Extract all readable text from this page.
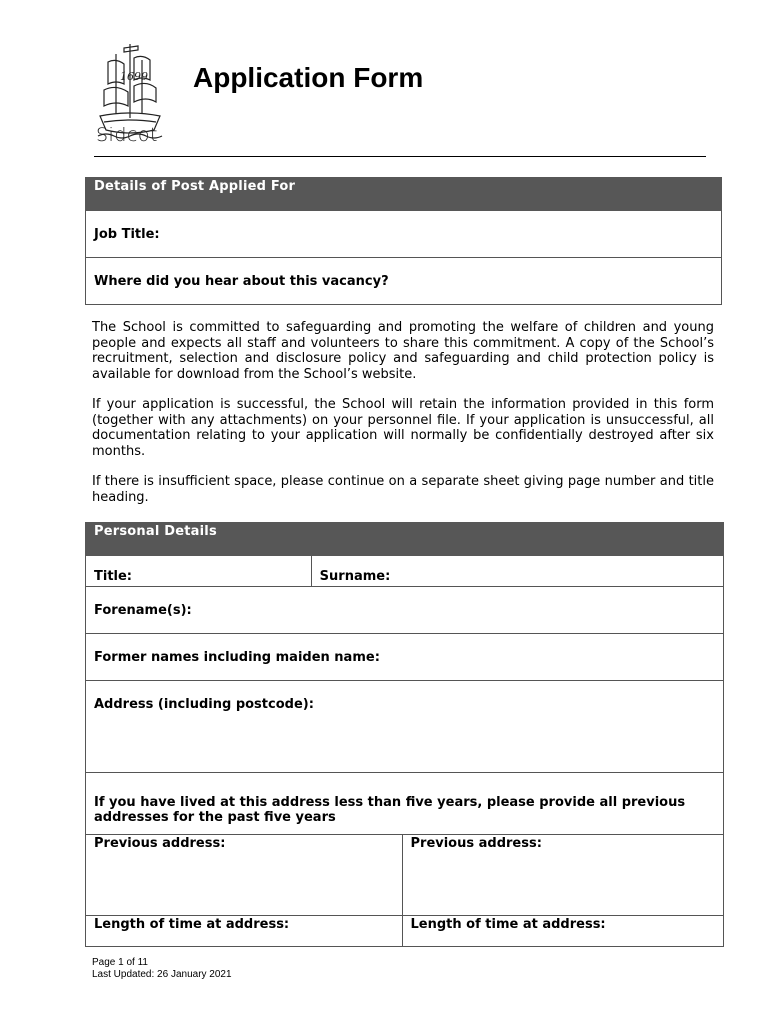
1699
Sidcot
Application Form
Details of Post Applied For
Job Title:
Where did you hear about this vacancy?

The School is committed to safeguarding and promoting the welfare of children and young people and expects all staff and volunteers to share this commitment. A copy of the School’s recruitment, selection and disclosure policy and safeguarding and child protection policy is available for download from the School’s website.

If your application is successful, the School will retain the information provided in this form (together with any attachments) on your personnel file. If your application is unsuccessful, all documentation relating to your application will normally be confidentially destroyed after six months.

If there is insufficient space, please continue on a separate sheet giving page number and title heading.

Personal Details		
Title:	Surname:	
Forename(s):		
Former names including maiden name:		
Address (including postcode):		
If you have lived at this address less than five years, please provide all previous addresses for the past five years		
Previous address:		Previous address:
Length of time at address:		Length of time at address:
Page 1 of 11
Last Updated: 26 January 2021
